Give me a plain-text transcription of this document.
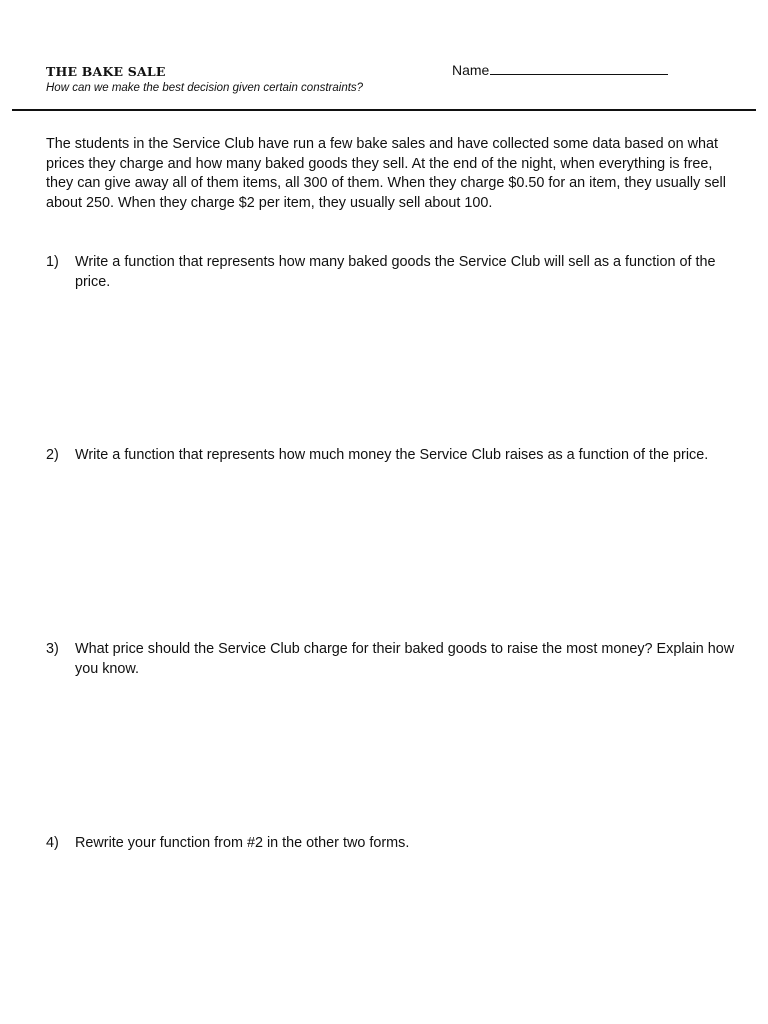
THE BAKE SALE
How can we make the best decision given certain constraints?
Name
The students in the Service Club have run a few bake sales and have collected some data based on what prices they charge and how many baked goods they sell. At the end of the night, when everything is free, they can give away all of them items, all 300 of them. When they charge $0.50 for an item, they usually sell about 250. When they charge $2 per item, they usually sell about 100.
1) Write a function that represents how many baked goods the Service Club will sell as a function of the price.
2) Write a function that represents how much money the Service Club raises as a function of the price.
3) What price should the Service Club charge for their baked goods to raise the most money? Explain how you know.
4) Rewrite your function from #2 in the other two forms.
